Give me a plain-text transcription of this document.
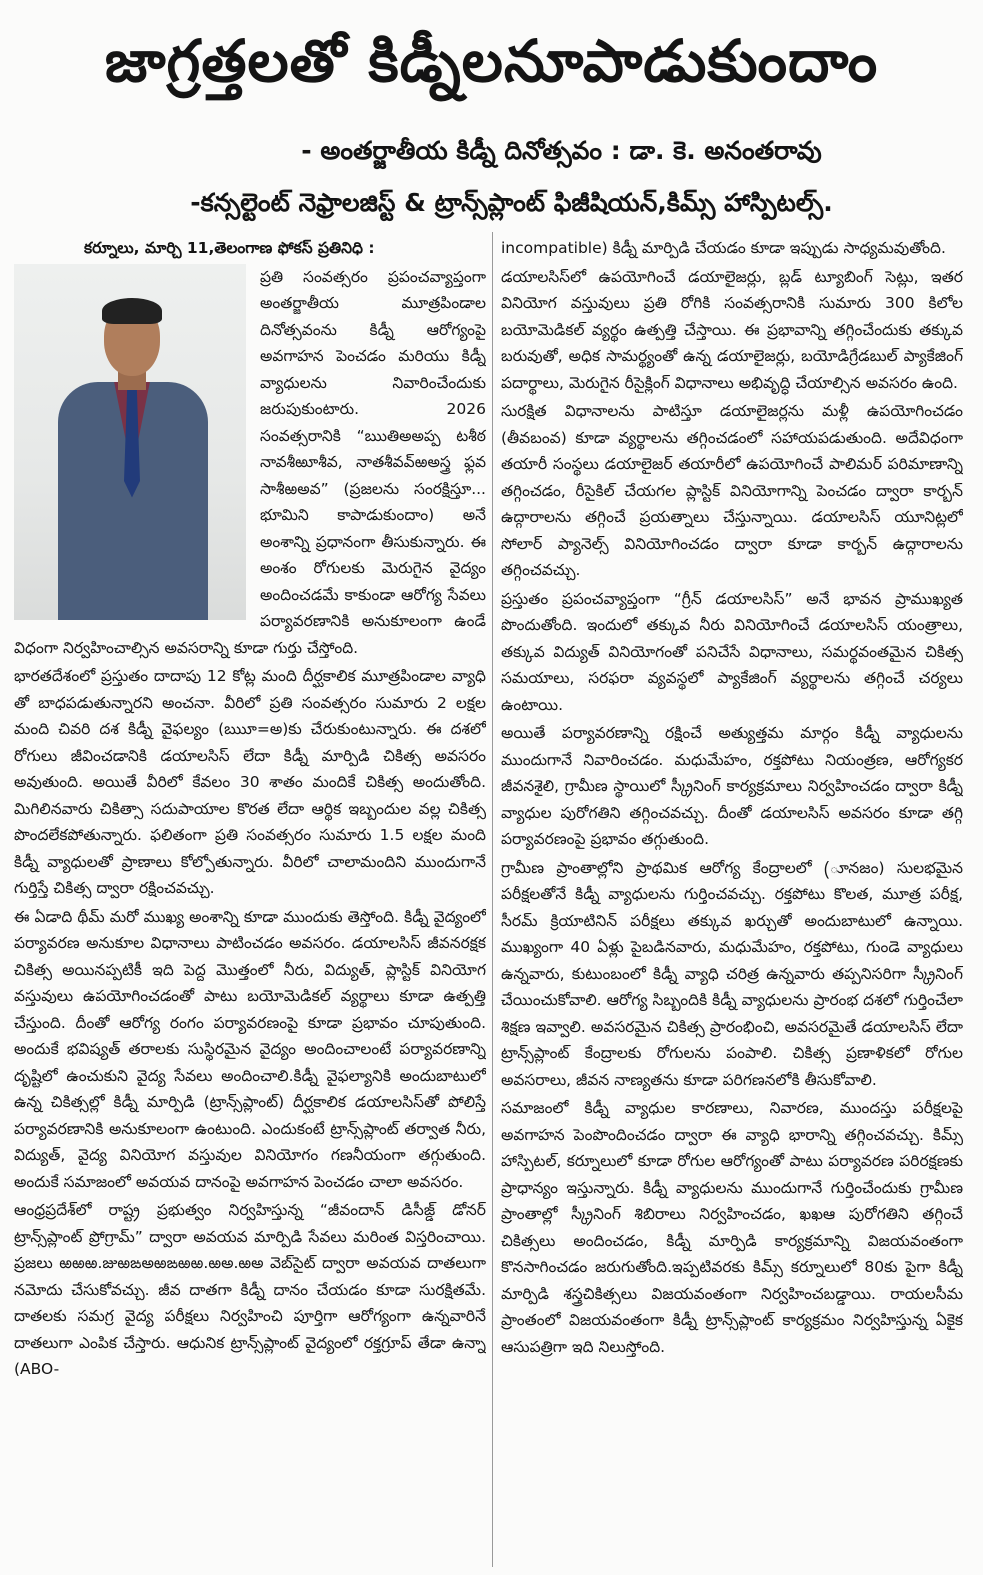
జాగ్రత్తలతో కిడ్నీలనూపాడుకుందాం
- అంతర్జాతీయ కిడ్నీ దినోత్సవం : డా. కె. అనంతరావు
-కన్సల్టెంట్ నెఫ్రాలజిస్ట్ & ట్రాన్స్‌ప్లాంట్ ఫిజీషియన్,కిమ్స్ హాస్పిటల్స్.

కర్నూలు, మార్చి 11,తెలంగాణ ఫోకస్ ప్రతినిధి :

ప్రతి సంవత్సరం ప్రపంచవ్యాప్తంగా అంతర్జాతీయ మూత్రపిండాల దినోత్సవంను కిడ్నీ ఆరోగ్యంపై అవగాహన పెంచడం మరియు కిడ్నీ వ్యాధులను నివారించేందుకు జరుపుకుంటారు. 2026 సంవత్సరానికి “ఋతిఅఅప్ప టశీ‌ఠ నావశీఱూ‌శీవ, నాతశీవవ్‌ఱఅస్త్ర ఫ్లవ సాశీఱఅవ” (ప్రజలను సంరక్షిస్తూ... భూమిని కాపాడుకుందాం) అనే అంశాన్ని ప్రధానంగా తీసుకున్నారు. ఈ అంశం రోగులకు మెరుగైన వైద్యం అందించడమే కాకుండా ఆరోగ్య సేవలు పర్యావరణానికి అనుకూలంగా ఉండే విధంగా నిర్వహించాల్సిన అవసరాన్ని కూడా గుర్తు చేస్తోంది.

భారతదేశంలో ప్రస్తుతం దాదాపు 12 కోట్ల మంది దీర్ఘకాలిక మూత్రపిండాల వ్యాధి తో బాధపడుతున్నారని అంచనా. వీరిలో ప్రతి సంవత్సరం సుమారు 2 లక్షల మంది చివరి దశ కిడ్నీ వైఫల్యం (ఋూ=అ)కు చేరుకుంటున్నారు. ఈ దశలో రోగులు జీవించడానికి డయాలసిస్ లేదా కిడ్నీ మార్పిడి చికిత్స అవసరం అవుతుంది. అయితే వీరిలో కేవలం 30 శాతం మందికే చికిత్స అందుతోంది. మిగిలినవారు చికిత్సా సదుపాయాల కొరత లేదా ఆర్థిక ఇబ్బందుల వల్ల చికిత్స పొందలేకపోతున్నారు. ఫలితంగా ప్రతి సంవత్సరం సుమారు 1.5 లక్షల మంది కిడ్నీ వ్యాధులతో ప్రాణాలు కోల్పోతున్నారు. వీరిలో చాలామందిని ముందుగానే గుర్తిస్తే చికిత్స ద్వారా రక్షించవచ్చు.

ఈ ఏడాది థీమ్ మరో ముఖ్య అంశాన్ని కూడా ముందుకు తెస్తోంది. కిడ్నీ వైద్యంలో పర్యావరణ అనుకూల విధానాలు పాటించడం అవసరం. డయాలసిస్ జీవనరక్షక చికిత్స అయినప్పటికీ ఇది పెద్ద మొత్తంలో నీరు, విద్యుత్, ప్లాస్టిక్ వినియోగ వస్తువులు ఉపయోగించడంతో పాటు బయోమెడికల్ వ్యర్థాలు కూడా ఉత్పత్తి చేస్తుంది. దీంతో ఆరోగ్య రంగం పర్యావరణంపై కూడా ప్రభావం చూపుతుంది. అందుకే భవిష్యత్ తరాలకు సుస్థిరమైన వైద్యం అందించాలంటే పర్యావరణాన్ని దృష్టిలో ఉంచుకుని వైద్య సేవలు అందించాలి.కిడ్నీ వైఫల్యానికి అందుబాటులో ఉన్న చికిత్సల్లో కిడ్నీ మార్పిడి (ట్రాన్స్‌ప్లాంట్) దీర్ఘకాలిక డయాలసిస్‌తో పోలిస్తే పర్యావరణానికి అనుకూలంగా ఉంటుంది. ఎందుకంటే ట్రాన్స్‌ప్లాంట్ తర్వాత నీరు, విద్యుత్, వైద్య వినియోగ వస్తువుల వినియోగం గణనీయంగా తగ్గుతుంది. అందుకే సమాజంలో అవయవ దానంపై అవగాహన పెంచడం చాలా అవసరం.

ఆంధ్రప్రదేశ్‌లో రాష్ట్ర ప్రభుత్వం నిర్వహిస్తున్న “జీవందాన్ డిసీజ్డ్ డోనర్ ట్రాన్స్‌ప్లాంట్ ప్రోగ్రామ్” ద్వారా అవయవ మార్పిడి సేవలు మరింత విస్తరించాయి. ప్రజలు ఱఱఱ.జుఱఙఅ‌ఱ‌ఙ‌ఱ‌ఱ.ఱఅ.ఱఅ వెబ్‌సైట్ ద్వారా అవయవ దాతలుగా నమోదు చేసుకోవచ్చు. జీవ దాతగా కిడ్నీ దానం చేయడం కూడా సురక్షితమే. దాతలకు సమగ్ర వైద్య పరీక్షలు నిర్వహించి పూర్తిగా ఆరోగ్యంగా ఉన్నవారినే దాతలుగా ఎంపిక చేస్తారు. ఆధునిక ట్రాన్స్‌ప్లాంట్ వైద్యంలో రక్తగ్రూప్ తేడా ఉన్నా (ABO-

incompatible) కిడ్నీ మార్పిడి చేయడం కూడా ఇప్పుడు సాధ్యమవుతోంది.

డయాలసిస్‌లో ఉపయోగించే డయాలైజర్లు, బ్లడ్ ట్యూబింగ్ సెట్లు, ఇతర వినియోగ వస్తువులు ప్రతి రోగికి సంవత్సరానికి సుమారు 300 కిలోల బయోమెడికల్ వ్యర్థం ఉత్పత్తి చేస్తాయి. ఈ ప్రభావాన్ని తగ్గించేందుకు తక్కువ బరువుతో, అధిక సామర్థ్యంతో ఉన్న డయాలైజర్లు, బయోడిగ్రేడబుల్ ప్యాకేజింగ్ పదార్థాలు, మెరుగైన రీసైక్లింగ్ విధానాలు అభివృద్ధి చేయాల్సిన అవసరం ఉంది.

సురక్షిత విధానాలను పాటిస్తూ డయాలైజర్లను మళ్లీ ఉపయోగించడం (తీవబంవ) కూడా వ్యర్థాలను తగ్గించడంలో సహాయపడుతుంది. అదేవిధంగా తయారీ సంస్థలు డయాలైజర్ తయారీలో ఉపయోగించే పాలిమర్ పరిమాణాన్ని తగ్గించడం, రీసైకిల్ చేయగల ప్లాస్టిక్ వినియోగాన్ని పెంచడం ద్వారా కార్బన్ ఉద్గారాలను తగ్గించే ప్రయత్నాలు చేస్తున్నాయి. డయాలసిస్ యూనిట్లలో సోలార్ ప్యానెల్స్ వినియోగించడం ద్వారా కూడా కార్బన్ ఉద్గారాలను తగ్గించవచ్చు.

ప్రస్తుతం ప్రపంచవ్యాప్తంగా “గ్రీన్ డయాలసిస్” అనే భావన ప్రాముఖ్యత పొందుతోంది. ఇందులో తక్కువ నీరు వినియోగించే డయాలసిస్ యంత్రాలు, తక్కువ విద్యుత్ వినియోగంతో పనిచేసే విధానాలు, సమర్థవంతమైన చికిత్స సమయాలు, సరఫరా వ్యవస్థలో ప్యాకేజింగ్ వ్యర్థాలను తగ్గించే చర్యలు ఉంటాయి.

అయితే పర్యావరణాన్ని రక్షించే అత్యుత్తమ మార్గం కిడ్నీ వ్యాధులను ముందుగానే నివారించడం. మధుమేహం, రక్తపోటు నియంత్రణ, ఆరోగ్యకర జీవనశైలి, గ్రామీణ స్థాయిలో స్క్రీనింగ్ కార్యక్రమాలు నిర్వహించడం ద్వారా కిడ్నీ వ్యాధుల పురోగతిని తగ్గించవచ్చు. దీంతో డయాలసిస్ అవసరం కూడా తగ్గి పర్యావరణంపై ప్రభావం తగ్గుతుంది.

గ్రామీణ ప్రాంతాల్లోని ప్రాథమిక ఆరోగ్య కేంద్రాలలో (ూనజం) సులభమైన పరీక్షలతోనే కిడ్నీ వ్యాధులను గుర్తించవచ్చు. రక్తపోటు కొలత, మూత్ర పరీక్ష, సీరమ్ క్రియాటినిన్ పరీక్షలు తక్కువ ఖర్చుతో అందుబాటులో ఉన్నాయి. ముఖ్యంగా 40 ఏళ్లు పైబడినవారు, మధుమేహం, రక్తపోటు, గుండె వ్యాధులు ఉన్నవారు, కుటుంబంలో కిడ్నీ వ్యాధి చరిత్ర ఉన్నవారు తప్పనిసరిగా స్క్రీనింగ్ చేయించుకోవాలి. ఆరోగ్య సిబ్బందికి కిడ్నీ వ్యాధులను ప్రారంభ దశలో గుర్తించేలా శిక్షణ ఇవ్వాలి. అవసరమైన చికిత్స ప్రారంభించి, అవసరమైతే డయాలసిస్ లేదా ట్రాన్స్‌ప్లాంట్ కేంద్రాలకు రోగులను పంపాలి. చికిత్స ప్రణాళికలో రోగుల అవసరాలు, జీవన నాణ్యతను కూడా పరిగణనలోకి తీసుకోవాలి.

సమాజంలో కిడ్నీ వ్యాధుల కారణాలు, నివారణ, ముందస్తు పరీక్షలపై అవగాహన పెంపొందించడం ద్వారా ఈ వ్యాధి భారాన్ని తగ్గించవచ్చు. కిమ్స్ హాస్పిటల్, కర్నూలులో కూడా రోగుల ఆరోగ్యంతో పాటు పర్యావరణ పరిరక్షణకు ప్రాధాన్యం ఇస్తున్నారు. కిడ్నీ వ్యాధులను ముందుగానే గుర్తించేందుకు గ్రామీణ ప్రాంతాల్లో స్క్రీనింగ్ శిబిరాలు నిర్వహించడం, ఖఖఆ పురోగతిని తగ్గించే చికిత్సలు అందించడం, కిడ్నీ మార్పిడి కార్యక్రమాన్ని విజయవంతంగా కొనసాగించడం జరుగుతోంది.ఇప్పటివరకు కిమ్స్ కర్నూలులో 80కు పైగా కిడ్నీ మార్పిడి శస్త్రచికిత్సలు విజయవంతంగా నిర్వహించబడ్డాయి. రాయలసీమ ప్రాంతంలో విజయవంతంగా కిడ్నీ ట్రాన్స్‌ప్లాంట్ కార్యక్రమం నిర్వహిస్తున్న ఏకైక ఆసుపత్రిగా ఇది నిలుస్తోంది.
